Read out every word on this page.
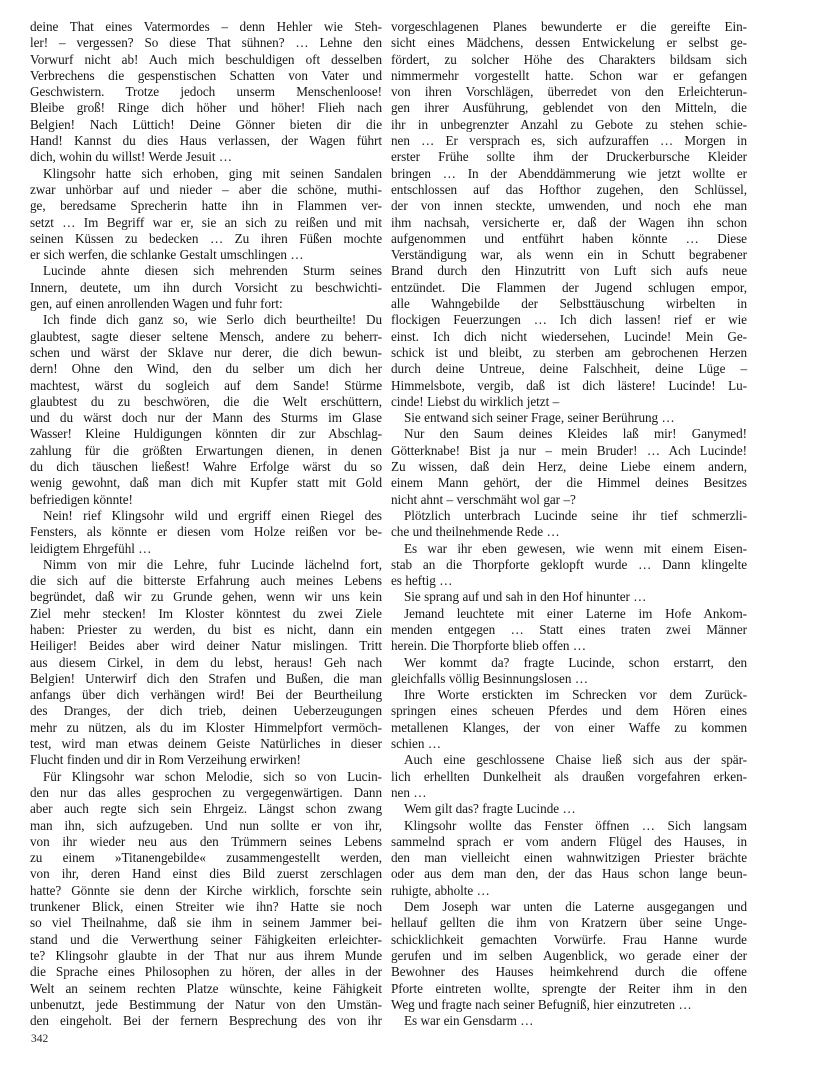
deine That eines Vatermordes – denn Hehler wie Steh-
ler! – vergessen? So diese That sühnen? … Lehne den
Vorwurf nicht ab! Auch mich beschuldigen oft desselben
Verbrechens die gespenstischen Schatten von Vater und
Geschwistern. Trotze jedoch unserm Menschenloose!
Bleibe groß! Ringe dich höher und höher! Flieh nach
Belgien! Nach Lüttich! Deine Gönner bieten dir die
Hand! Kannst du dies Haus verlassen, der Wagen führt
dich, wohin du willst! Werde Jesuit …
Klingsohr hatte sich erhoben, ging mit seinen Sandalen
zwar unhörbar auf und nieder – aber die schöne, muthi-
ge, beredsame Sprecherin hatte ihn in Flammen ver-
setzt … Im Begriff war er, sie an sich zu reißen und mit
seinen Küssen zu bedecken … Zu ihren Füßen mochte
er sich werfen, die schlanke Gestalt umschlingen …
Lucinde ahnte diesen sich mehrenden Sturm seines
Innern, deutete, um ihn durch Vorsicht zu beschwichti-
gen, auf einen anrollenden Wagen und fuhr fort:
Ich finde dich ganz so, wie Serlo dich beurtheilte! Du
glaubtest, sagte dieser seltene Mensch, andere zu beherr-
schen und wärst der Sklave nur derer, die dich bewun-
dern! Ohne den Wind, den du selber um dich her
machtest, wärst du sogleich auf dem Sande! Stürme
glaubtest du zu beschwören, die die Welt erschüttern,
und du wärst doch nur der Mann des Sturms im Glase
Wasser! Kleine Huldigungen könnten dir zur Abschlag-
zahlung für die größten Erwartungen dienen, in denen
du dich täuschen ließest! Wahre Erfolge wärst du so
wenig gewohnt, daß man dich mit Kupfer statt mit Gold
befriedigen könnte!
Nein! rief Klingsohr wild und ergriff einen Riegel des
Fensters, als könnte er diesen vom Holze reißen vor be-
leidigtem Ehrgefühl …
Nimm von mir die Lehre, fuhr Lucinde lächelnd fort,
die sich auf die bitterste Erfahrung auch meines Lebens
begründet, daß wir zu Grunde gehen, wenn wir uns kein
Ziel mehr stecken! Im Kloster könntest du zwei Ziele
haben: Priester zu werden, du bist es nicht, dann ein
Heiliger! Beides aber wird deiner Natur mislingen. Tritt
aus diesem Cirkel, in dem du lebst, heraus! Geh nach
Belgien! Unterwirf dich den Strafen und Bußen, die man
anfangs über dich verhängen wird! Bei der Beurtheilung
des Dranges, der dich trieb, deinen Ueberzeugungen
mehr zu nützen, als du im Kloster Himmelpfort vermöch-
test, wird man etwas deinem Geiste Natürliches in dieser
Flucht finden und dir in Rom Verzeihung erwirken!
Für Klingsohr war schon Melodie, sich so von Lucin-
den nur das alles gesprochen zu vergegenwärtigen. Dann
aber auch regte sich sein Ehrgeiz. Längst schon zwang
man ihn, sich aufzugeben. Und nun sollte er von ihr,
von ihr wieder neu aus den Trümmern seines Lebens
zu einem »Titanengebilde« zusammengestellt werden,
von ihr, deren Hand einst dies Bild zuerst zerschlagen
hatte? Gönnte sie denn der Kirche wirklich, forschte sein
trunkener Blick, einen Streiter wie ihn? Hatte sie noch
so viel Theilnahme, daß sie ihm in seinem Jammer bei-
stand und die Verwerthung seiner Fähigkeiten erleichter-
te? Klingsohr glaubte in der That nur aus ihrem Munde
die Sprache eines Philosophen zu hören, der alles in der
Welt an seinem rechten Platze wünschte, keine Fähigkeit
unbenutzt, jede Bestimmung der Natur von den Umstän-
den eingeholt. Bei der fernern Besprechung des von ihr
vorgeschlagenen Planes bewunderte er die gereifte Ein-
sicht eines Mädchens, dessen Entwickelung er selbst ge-
fördert, zu solcher Höhe des Charakters bildsam sich
nimmermehr vorgestellt hatte. Schon war er gefangen
von ihren Vorschlägen, überredet von den Erleichterun-
gen ihrer Ausführung, geblendet von den Mitteln, die
ihr in unbegrenzter Anzahl zu Gebote zu stehen schie-
nen … Er versprach es, sich aufzuraffen … Morgen in
erster Frühe sollte ihm der Druckerbursche Kleider
bringen … In der Abenddämmerung wie jetzt wollte er
entschlossen auf das Hofthor zugehen, den Schlüssel,
der von innen steckte, umwenden, und noch ehe man
ihm nachsah, versicherte er, daß der Wagen ihn schon
aufgenommen und entführt haben könnte … Diese
Verständigung war, als wenn ein in Schutt begrabener
Brand durch den Hinzutritt von Luft sich aufs neue
entzündet. Die Flammen der Jugend schlugen empor,
alle Wahngebilde der Selbsttäuschung wirbelten in
flockigen Feuerzungen … Ich dich lassen! rief er wie
einst. Ich dich nicht wiedersehen, Lucinde! Mein Ge-
schick ist und bleibt, zu sterben am gebrochenen Herzen
durch deine Untreue, deine Falschheit, deine Lüge –
Himmelsbote, vergib, daß ist dich lästere! Lucinde! Lu-
cinde! Liebst du wirklich jetzt –
Sie entwand sich seiner Frage, seiner Berührung …
Nur den Saum deines Kleides laß mir! Ganymed!
Götterknabe! Bist ja nur – mein Bruder! … Ach Lucinde!
Zu wissen, daß dein Herz, deine Liebe einem andern,
einem Mann gehört, der die Himmel deines Besitzes
nicht ahnt – verschmäht wol gar –?
Plötzlich unterbrach Lucinde seine ihr tief schmerzli-
che und theilnehmende Rede …
Es war ihr eben gewesen, wie wenn mit einem Eisen-
stab an die Thorpforte geklopft wurde … Dann klingelte
es heftig …
Sie sprang auf und sah in den Hof hinunter …
Jemand leuchtete mit einer Laterne im Hofe Ankom-
menden entgegen … Statt eines traten zwei Männer
herein. Die Thorpforte blieb offen …
Wer kommt da? fragte Lucinde, schon erstarrt, den
gleichfalls völlig Besinnungslosen …
Ihre Worte erstickten im Schrecken vor dem Zurück-
springen eines scheuen Pferdes und dem Hören eines
metallenen Klanges, der von einer Waffe zu kommen
schien …
Auch eine geschlossene Chaise ließ sich aus der spär-
lich erhellten Dunkelheit als draußen vorgefahren erken-
nen …
Wem gilt das? fragte Lucinde …
Klingsohr wollte das Fenster öffnen … Sich langsam
sammelnd sprach er vom andern Flügel des Hauses, in
den man vielleicht einen wahnwitzigen Priester brächte
oder aus dem man den, der das Haus schon lange beun-
ruhigte, abholte …
Dem Joseph war unten die Laterne ausgegangen und
hellauf gellten die ihm von Kratzern über seine Unge-
schicklichkeit gemachten Vorwürfe. Frau Hanne wurde
gerufen und im selben Augenblick, wo gerade einer der
Bewohner des Hauses heimkehrend durch die offene
Pforte eintreten wollte, sprengte der Reiter ihm in den
Weg und fragte nach seiner Befugniß, hier einzutreten …
Es war ein Gensdarm …
342
